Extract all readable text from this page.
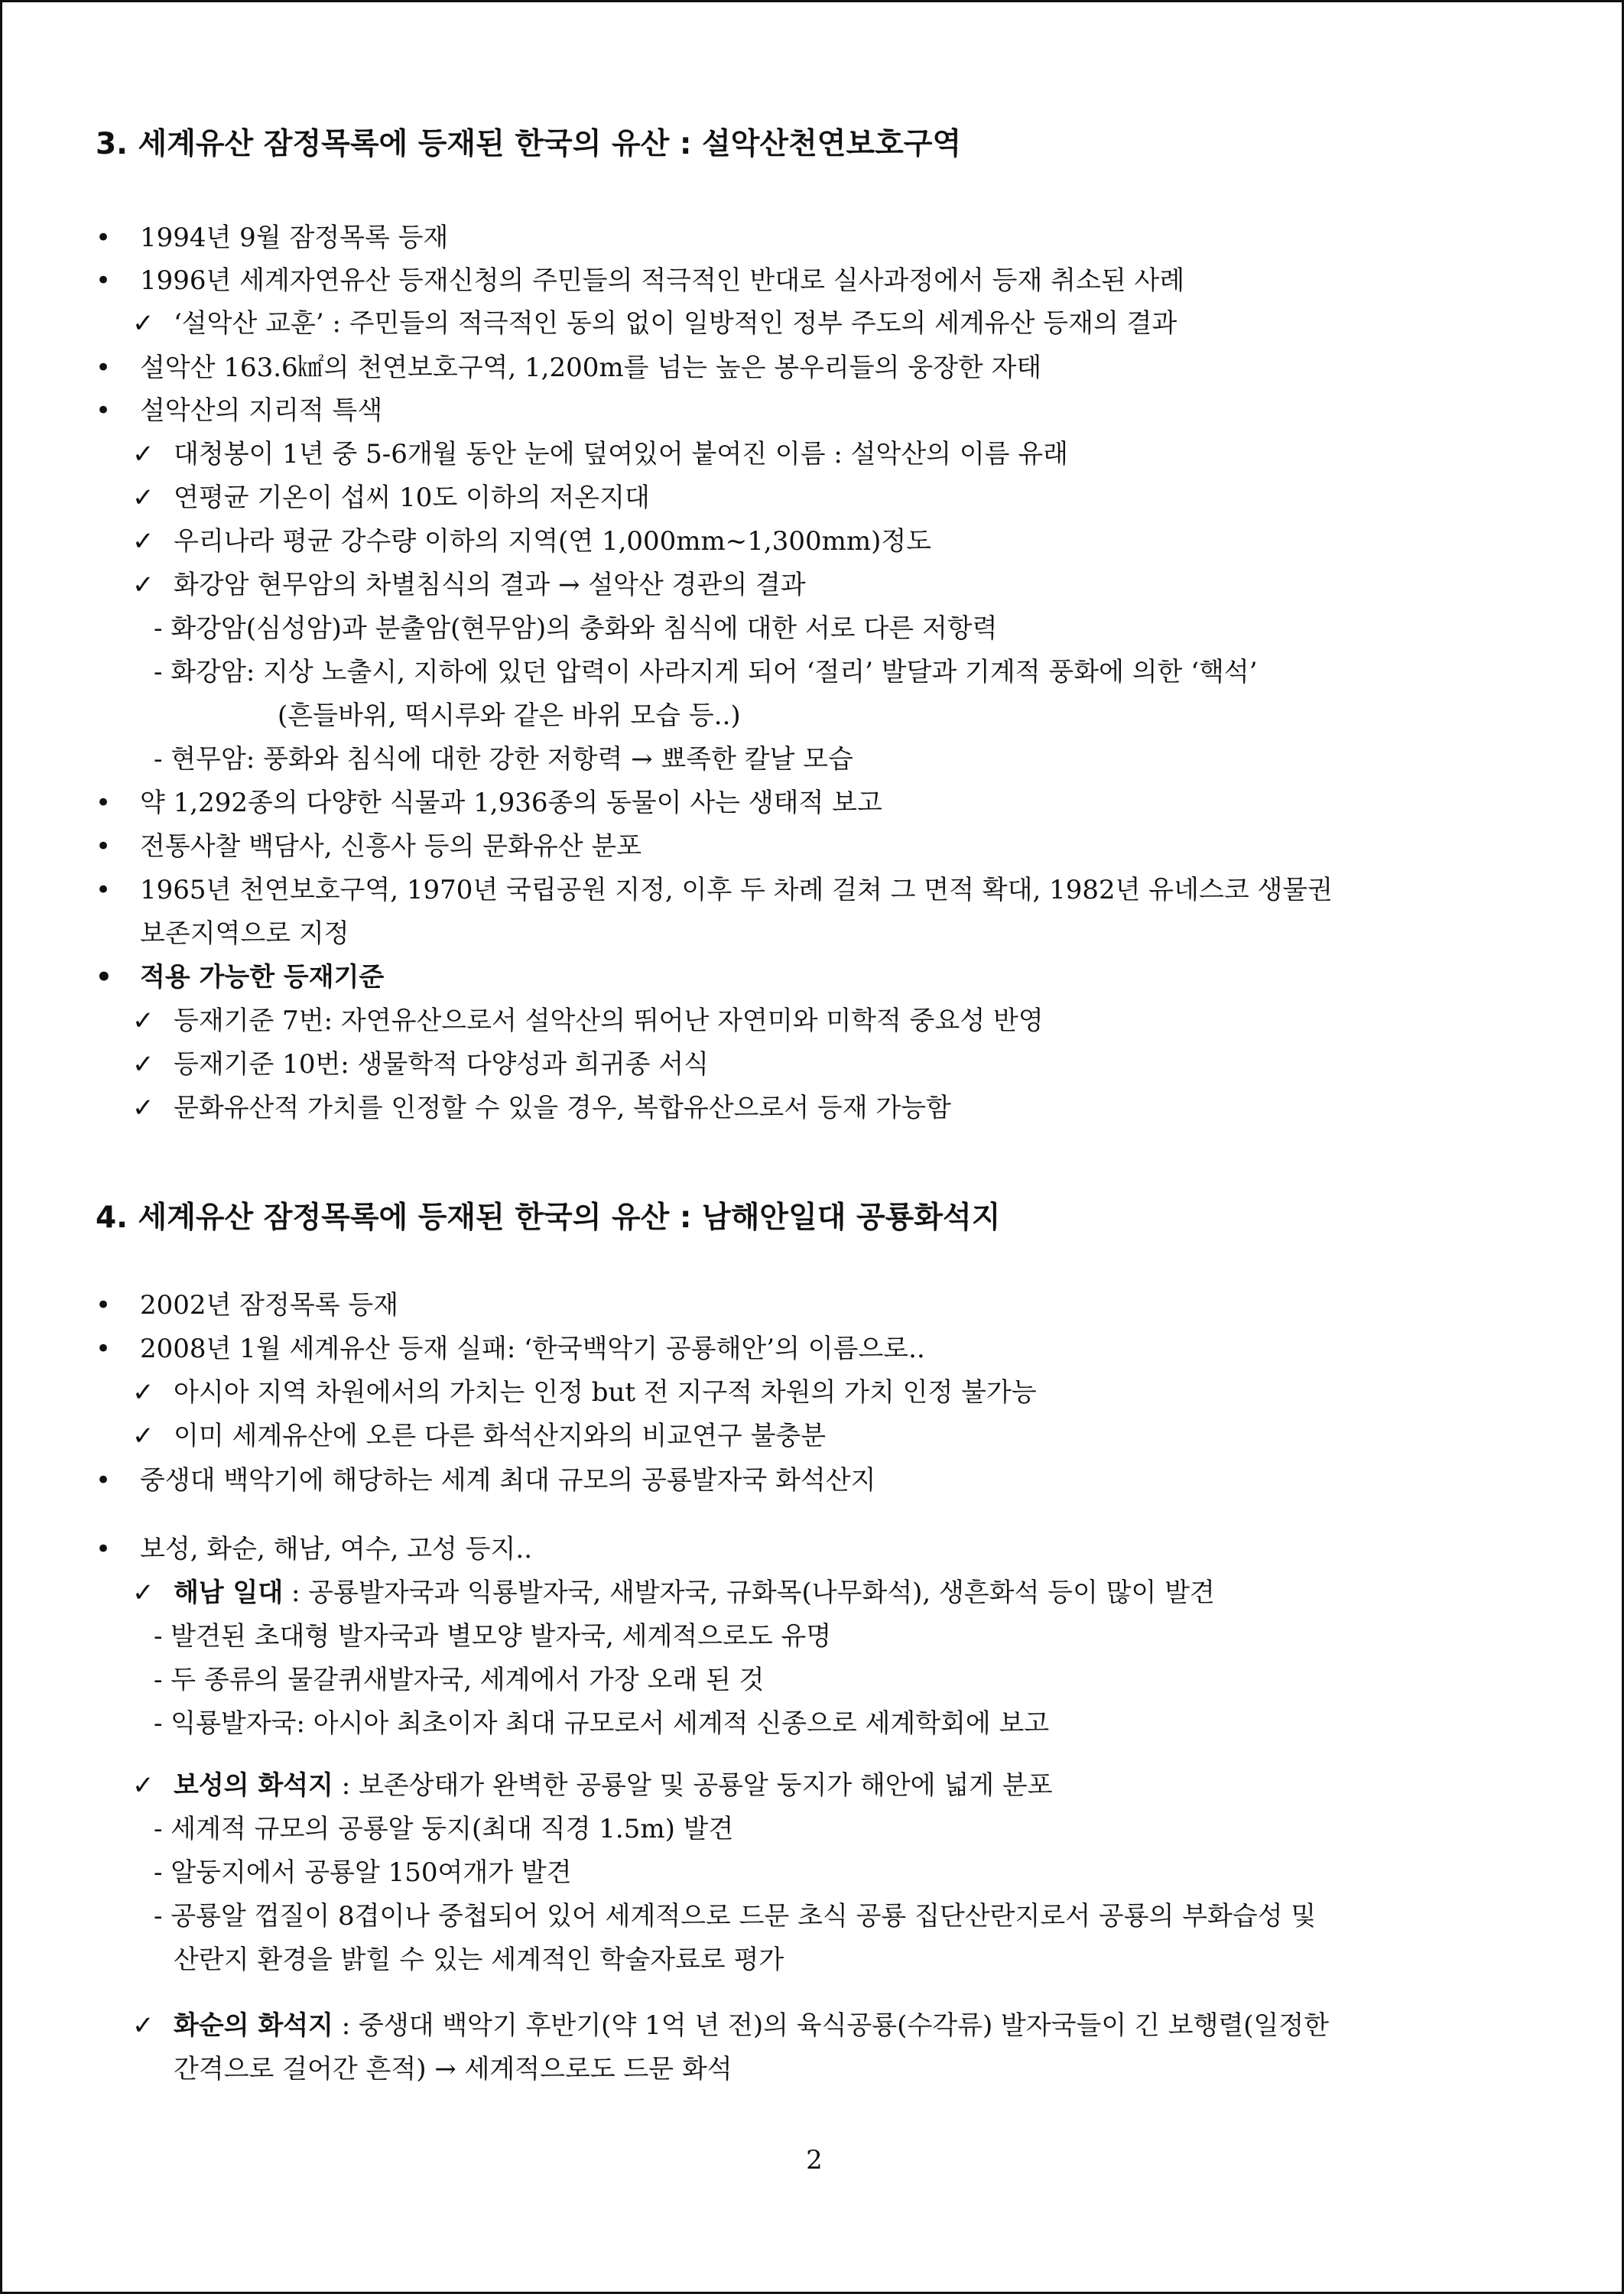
3. 세계유산 잠정목록에 등재된 한국의 유산 : 설악산천연보호구역
• 1994년 9월 잠정목록 등재
• 1996년 세계자연유산 등재신청의 주민들의 적극적인 반대로 실사과정에서 등재 취소된 사례
✓ ‘설악산 교훈’ : 주민들의 적극적인 동의 없이 일방적인 정부 주도의 세계유산 등재의 결과
• 설악산 163.6㎢의 천연보호구역, 1,200m를 넘는 높은 봉우리들의 웅장한 자태
• 설악산의 지리적 특색
✓ 대청봉이 1년 중 5-6개월 동안 눈에 덮여있어 붙여진 이름 : 설악산의 이름 유래
✓ 연평균 기온이 섭씨 10도 이하의 저온지대
✓ 우리나라 평균 강수량 이하의 지역(연 1,000mm~1,300mm)정도
✓ 화강암 현무암의 차별침식의 결과 → 설악산 경관의 결과
- 화강암(심성암)과 분출암(현무암)의 충화와 침식에 대한 서로 다른 저항력
- 화강암: 지상 노출시, 지하에 있던 압력이 사라지게 되어 ‘절리’ 발달과 기계적 풍화에 의한 ‘핵석’
(흔들바위, 떡시루와 같은 바위 모습 등..)
- 현무암: 풍화와 침식에 대한 강한 저항력 → 뾰족한 칼날 모습
• 약 1,292종의 다양한 식물과 1,936종의 동물이 사는 생태적 보고
• 전통사찰 백담사, 신흥사 등의 문화유산 분포
• 1965년 천연보호구역, 1970년 국립공원 지정, 이후 두 차례 걸쳐 그 면적 확대, 1982년 유네스코 생물권
보존지역으로 지정
• 적용 가능한 등재기준
✓ 등재기준 7번: 자연유산으로서 설악산의 뛰어난 자연미와 미학적 중요성 반영
✓ 등재기준 10번: 생물학적 다양성과 희귀종 서식
✓ 문화유산적 가치를 인정할 수 있을 경우, 복합유산으로서 등재 가능함
4. 세계유산 잠정목록에 등재된 한국의 유산 : 남해안일대 공룡화석지
• 2002년 잠정목록 등재
• 2008년 1월 세계유산 등재 실패: ‘한국백악기 공룡해안’의 이름으로..
✓ 아시아 지역 차원에서의 가치는 인정 but 전 지구적 차원의 가치 인정 불가능
✓ 이미 세계유산에 오른 다른 화석산지와의 비교연구 불충분
• 중생대 백악기에 해당하는 세계 최대 규모의 공룡발자국 화석산지
• 보성, 화순, 해남, 여수, 고성 등지..
✓ 해남 일대 : 공룡발자국과 익룡발자국, 새발자국, 규화목(나무화석), 생흔화석 등이 많이 발견
- 발견된 초대형 발자국과 별모양 발자국, 세계적으로도 유명
- 두 종류의 물갈퀴새발자국, 세계에서 가장 오래 된 것
- 익룡발자국: 아시아 최초이자 최대 규모로서 세계적 신종으로 세계학회에 보고
✓ 보성의 화석지 : 보존상태가 완벽한 공룡알 및 공룡알 둥지가 해안에 넓게 분포
- 세계적 규모의 공룡알 둥지(최대 직경 1.5m) 발견
- 알둥지에서 공룡알 150여개가 발견
- 공룡알 껍질이 8겹이나 중첩되어 있어 세계적으로 드문 초식 공룡 집단산란지로서 공룡의 부화습성 및
산란지 환경을 밝힐 수 있는 세계적인 학술자료로 평가
✓ 화순의 화석지 : 중생대 백악기 후반기(약 1억 년 전)의 육식공룡(수각류) 발자국들이 긴 보행렬(일정한
간격으로 걸어간 흔적) → 세계적으로도 드문 화석
2
